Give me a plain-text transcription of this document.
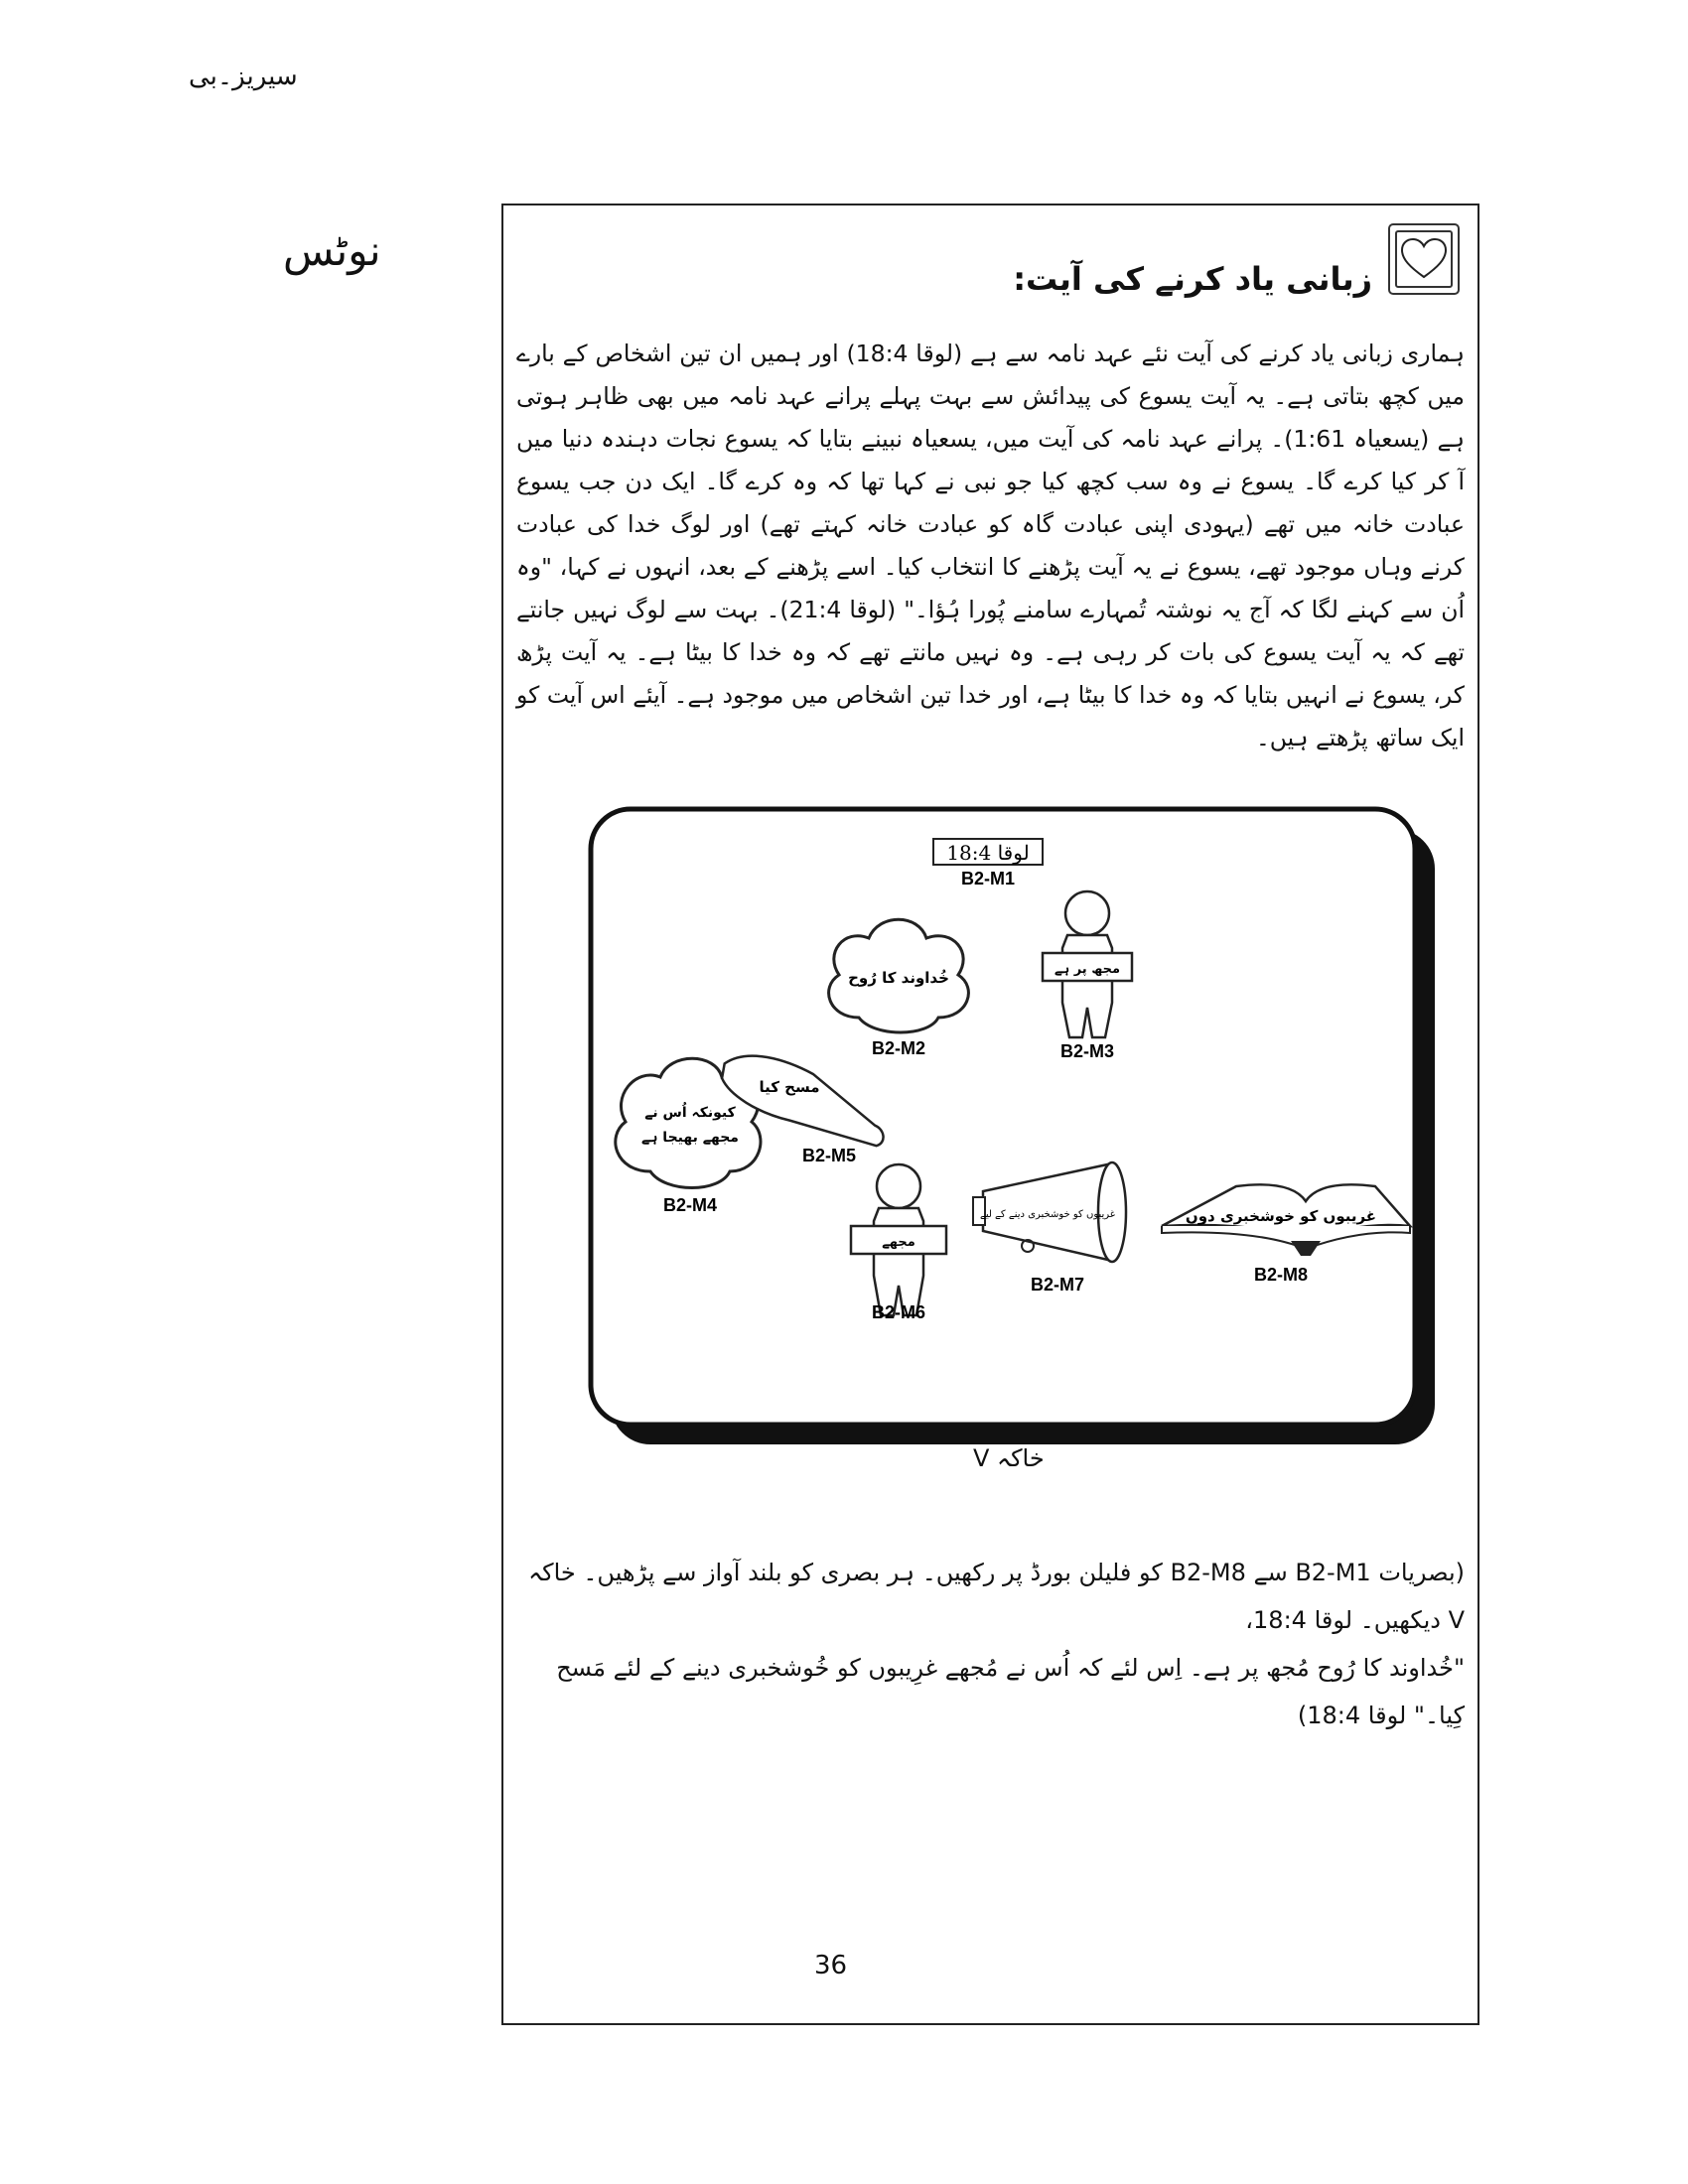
سیریز۔بی
نوٹس
زبانی یاد کرنے کی آیت:

ہماری زبانی یاد کرنے کی آیت نئے عہد نامہ سے ہے (لوقا 18:4) اور ہمیں ان تین اشخاص کے بارے میں کچھ بتاتی ہے۔ یہ آیت یسوع کی پیدائش سے بہت پہلے پرانے عہد نامہ میں بھی ظاہر ہوتی ہے (یسعیاہ 1:61)۔ پرانے عہد نامہ کی آیت میں، یسعیاہ نبینے بتایا کہ یسوع نجات دہندہ دنیا میں آ کر کیا کرے گا۔ یسوع نے وہ سب کچھ کیا جو نبی نے کہا تھا کہ وہ کرے گا۔ ایک دن جب یسوع عبادت خانہ میں تھے (یہودی اپنی عبادت گاہ کو عبادت خانہ کہتے تھے) اور لوگ خدا کی عبادت کرنے وہاں موجود تھے، یسوع نے یہ آیت پڑھنے کا انتخاب کیا۔ اسے پڑھنے کے بعد، انہوں نے کہا، "وہ اُن سے کہنے لگا کہ آج یہ نوشتہ تُمہارے سامنے پُورا ہُؤا۔" (لوقا 21:4)۔ بہت سے لوگ نہیں جانتے تھے کہ یہ آیت یسوع کی بات کر رہی ہے۔ وہ نہیں مانتے تھے کہ وہ خدا کا بیٹا ہے۔ یہ آیت پڑھ کر، یسوع نے انہیں بتایا کہ وہ خدا کا بیٹا ہے، اور خدا تین اشخاص میں موجود ہے۔ آیئے اس آیت کو ایک ساتھ پڑھتے ہیں۔

لوقا 18:4
B2-M1
خُداوند کا رُوح
B2-M2
مجھ پر ہے
B2-M3
کیونکہ اُس نے
مجھے بھیجا ہے
B2-M4
مسح کیا
B2-M5
مجھے
B2-M6
غریبوں کو خوشخبری دینے کے لیے
B2-M7
غریبوں کو خوشخبری دوں
B2-M8
خاکہ V
(بصریات B2-M1 سے B2-M8 کو فلیلن بورڈ پر رکھیں۔ ہر بصری کو بلند آواز سے پڑھیں۔ خاکہ V دیکھیں۔ لوقا 18:4،
"خُداوند کا رُوح مُجھ پر ہے۔ اِس لئے کہ اُس نے مُجھے غرِیبوں کو خُوشخبری دینے کے لئے مَسح کِیا۔" لوقا 18:4)
36
